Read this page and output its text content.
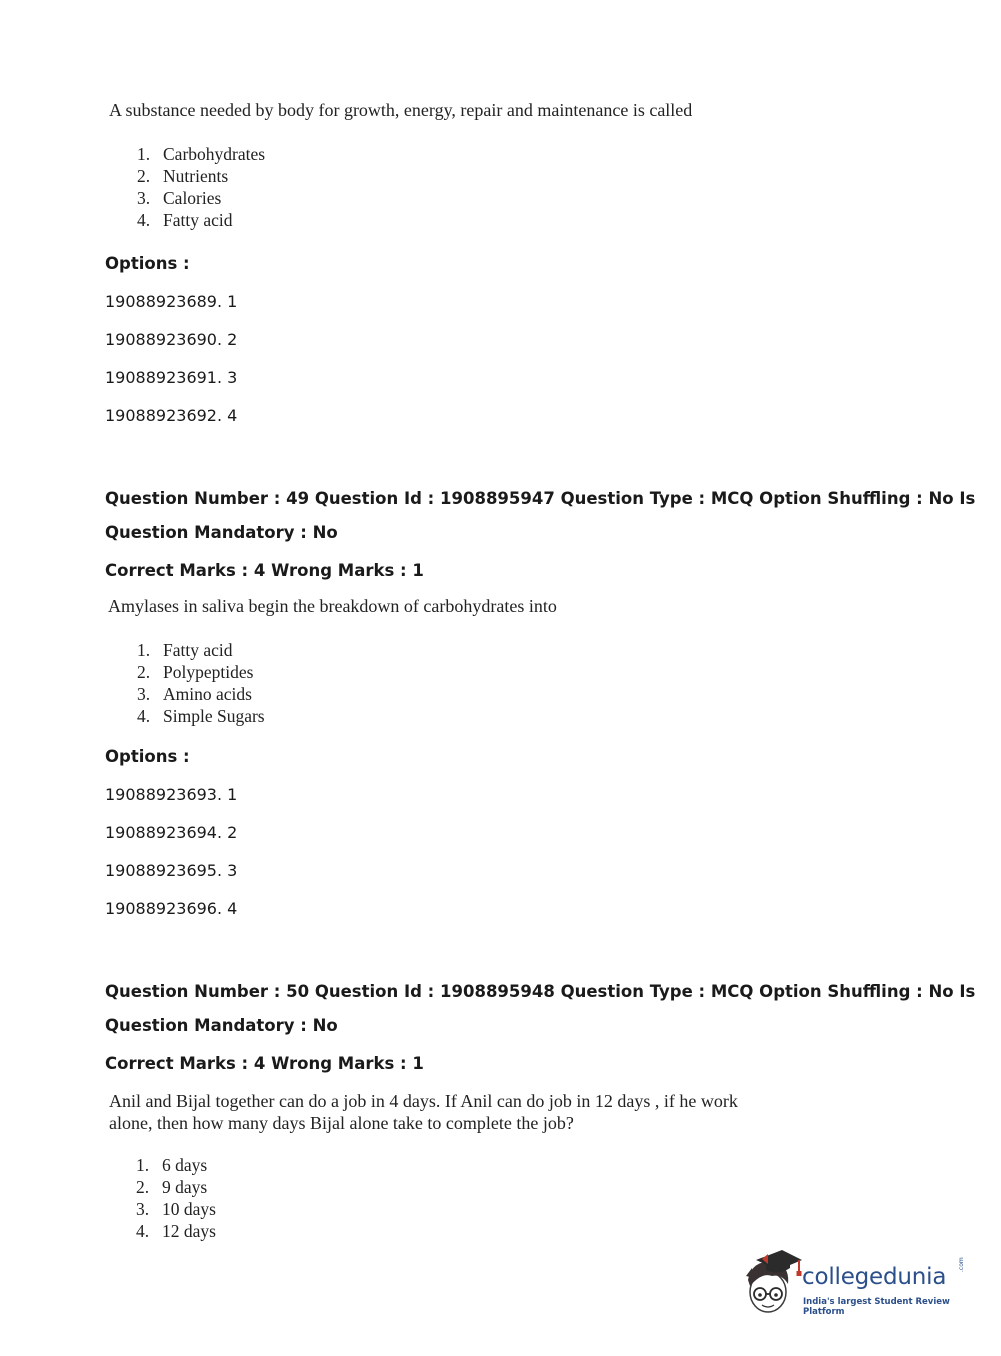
A substance needed by body for growth, energy, repair and maintenance is called
1. Carbohydrates
2. Nutrients
3. Calories
4. Fatty acid
Options :
19088923689. 1
19088923690. 2
19088923691. 3
19088923692. 4
Question Number : 49 Question Id : 1908895947 Question Type : MCQ Option Shuffling : No Is
Question Mandatory : No
Correct Marks : 4 Wrong Marks : 1
Amylases in saliva begin the breakdown of carbohydrates into
1. Fatty acid
2. Polypeptides
3. Amino acids
4. Simple Sugars
Options :
19088923693. 1
19088923694. 2
19088923695. 3
19088923696. 4
Question Number : 50 Question Id : 1908895948 Question Type : MCQ Option Shuffling : No Is
Question Mandatory : No
Correct Marks : 4 Wrong Marks : 1
Anil and Bijal together can do a job in 4 days. If Anil can do job in 12 days , if he work
alone, then how many days Bijal alone take to complete the job?
1. 6 days
2. 9 days
3. 10 days
4. 12 days
collegedunia .com
India's largest Student Review Platform
